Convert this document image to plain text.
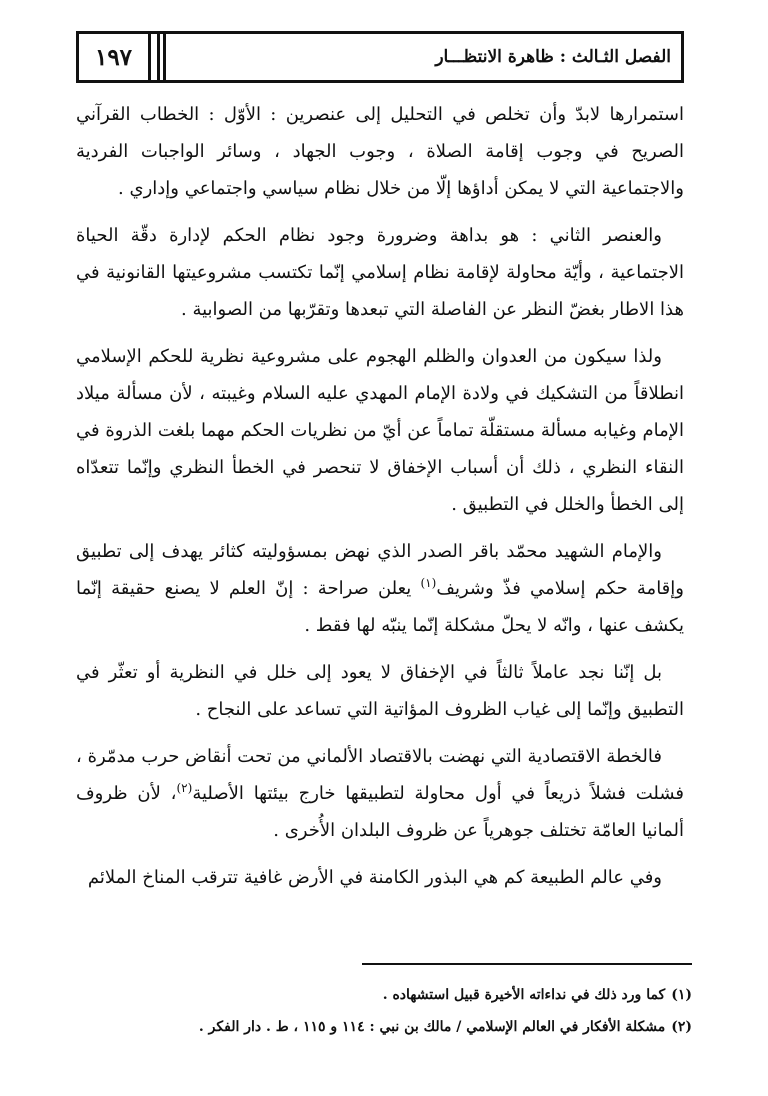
١٩٧	الفصل الثـالث : ظاهرة الانتظـــار

استمرارها لابدّ وأن تخلص في التحليل إلى عنصرين : الأوّل : الخطاب القرآني الصريح في وجوب إقامة الصلاة ، وجوب الجهاد ، وسائر الواجبات الفردية والاجتماعية التي لا يمكن أداؤها إلّا من خلال نظام سياسي واجتماعي وإداري .

والعنصر الثاني : هو بداهة وضرورة وجود نظام الحكم لإدارة دقّة الحياة الاجتماعية ، وأيّة محاولة لإقامة نظام إسلامي إنّما تكتسب مشروعيتها القانونية في هذا الاطار بغضّ النظر عن الفاصلة التي تبعدها وتقرّبها من الصوابية .

ولذا سيكون من العدوان والظلم الهجوم على مشروعية نظرية للحكم الإسلامي انطلاقاً من التشكيك في ولادة الإمام المهدي عليه السلام وغيبته ، لأن مسألة ميلاد الإمام وغيابه مسألة مستقلّة تماماً عن أيّ من نظريات الحكم مهما بلغت الذروة في النقاء النظري ، ذلك أن أسباب الإخفاق لا تنحصر في الخطأ النظري وإنّما تتعدّاه إلى الخطأ والخلل في التطبيق .

والإمام الشهيد محمّد باقر الصدر الذي نهض بمسؤوليته كثائر يهدف إلى تطبيق وإقامة حكم إسلامي فذّ وشريف$^{(١)}$ يعلن صراحة : إنّ العلم لا يصنع حقيقة إنّما يكشف عنها ، وانّه لا يحلّ مشكلة إنّما ينبّه لها فقط .

بل إنّنا نجد عاملاً ثالثاً في الإخفاق لا يعود إلى خلل في النظرية أو تعثّر في التطبيق وإنّما إلى غياب الظروف المؤاتية التي تساعد على النجاح .

فالخطة الاقتصادية التي نهضت بالاقتصاد الألماني من تحت أنقاض حرب مدمّرة ، فشلت فشلاً ذريعاً في أول محاولة لتطبيقها خارج بيئتها الأصلية$^{(٢)}$، لأن ظروف ألمانيا العامّة تختلف جوهرياً عن ظروف البلدان الأُخرى .

وفي عالم الطبيعة كم هي البذور الكامنة في الأرض غافية تترقب المناخ الملائم

(١)كما ورد ذلك في نداءاته الأخيرة قبيل استشهاده .
(٢)مشكلة الأفكار في العالم الإسلامي / مالك بن نبي : ١١٤ و ١١٥ ، ط . دار الفكر .
